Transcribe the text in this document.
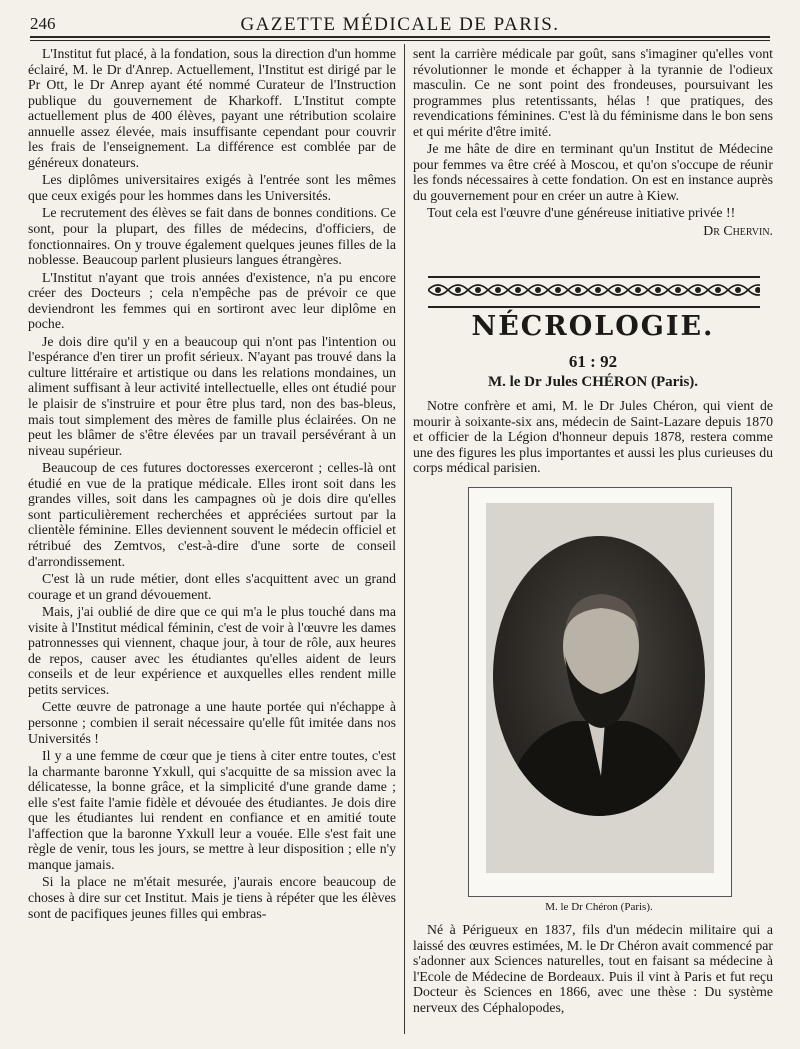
246	GAZETTE MÉDICALE DE PARIS.

L'Institut fut placé, à la fondation, sous la direction d'un homme éclairé, M. le Dr d'Anrep. Actuellement, l'Institut est dirigé par le Pr Ott, le Dr Anrep ayant été nommé Curateur de l'Instruction publique du gouvernement de Kharkoff. L'Institut compte actuellement plus de 400 élèves, payant une rétribution scolaire annuelle assez élevée, mais insuffisante cependant pour couvrir les frais de l'enseignement. La différence est comblée par de généreux donateurs.

Les diplômes universitaires exigés à l'entrée sont les mêmes que ceux exigés pour les hommes dans les Universités.

Le recrutement des élèves se fait dans de bonnes conditions. Ce sont, pour la plupart, des filles de médecins, d'officiers, de fonctionnaires. On y trouve également quelques jeunes filles de la noblesse. Beaucoup parlent plusieurs langues étrangères.

L'Institut n'ayant que trois années d'existence, n'a pu encore créer des Docteurs ; cela n'empêche pas de prévoir ce que deviendront les femmes qui en sortiront avec leur diplôme en poche.

Je dois dire qu'il y en a beaucoup qui n'ont pas l'intention ou l'espérance d'en tirer un profit sérieux. N'ayant pas trouvé dans la culture littéraire et artistique ou dans les relations mondaines, un aliment suffisant à leur activité intellectuelle, elles ont étudié pour le plaisir de s'instruire et pour être plus tard, non des bas-bleus, mais tout simplement des mères de famille plus éclairées. On ne peut les blâmer de s'être élevées par un travail persévérant à un niveau supérieur.

Beaucoup de ces futures doctoresses exerceront ; celles-là ont étudié en vue de la pratique médicale. Elles iront soit dans les grandes villes, soit dans les campagnes où je dois dire qu'elles sont particulièrement recherchées et appréciées surtout par la clientèle féminine. Elles deviennent souvent le médecin officiel et rétribué des Zemtvos, c'est-à-dire d'une sorte de conseil d'arrondissement.

C'est là un rude métier, dont elles s'acquittent avec un grand courage et un grand dévouement.

Mais, j'ai oublié de dire que ce qui m'a le plus touché dans ma visite à l'Institut médical féminin, c'est de voir à l'œuvre les dames patronnesses qui viennent, chaque jour, à tour de rôle, aux heures de repos, causer avec les étudiantes qu'elles aident de leurs conseils et de leur expérience et auxquelles elles rendent mille petits services.

Cette œuvre de patronage a une haute portée qui n'échappe à personne ; combien il serait nécessaire qu'elle fût imitée dans nos Universités !

Il y a une femme de cœur que je tiens à citer entre toutes, c'est la charmante baronne Yxkull, qui s'acquitte de sa mission avec la délicatesse, la bonne grâce, et la simplicité d'une grande dame ; elle s'est faite l'amie fidèle et dévouée des étudiantes. Je dois dire que les étudiantes lui rendent en confiance et en amitié toute l'affection que la baronne Yxkull leur a vouée. Elle s'est fait une règle de venir, tous les jours, se mettre à leur disposition ; elle n'y manque jamais.

Si la place ne m'était mesurée, j'aurais encore beaucoup de choses à dire sur cet Institut. Mais je tiens à répéter que les élèves sont de pacifiques jeunes filles qui embras-

sent la carrière médicale par goût, sans s'imaginer qu'elles vont révolutionner le monde et échapper à la tyrannie de l'odieux masculin. Ce ne sont point des frondeuses, poursuivant les programmes plus retentissants, hélas ! que pratiques, des revendications féminines. C'est là du féminisme dans le bon sens et qui mérite d'être imité.

Je me hâte de dire en terminant qu'un Institut de Médecine pour femmes va être créé à Moscou, et qu'on s'occupe de réunir les fonds nécessaires à cette fondation. On est en instance auprès du gouvernement pour en créer un autre à Kiew.

Tout cela est l'œuvre d'une généreuse initiative privée !!

Dr Chervin.

NÉCROLOGIE.
61 : 92
M. le Dr Jules CHÉRON (Paris).

Notre confrère et ami, M. le Dr Jules Chéron, qui vient de mourir à soixante-six ans, médecin de Saint-Lazare depuis 1870 et officier de la Légion d'honneur depuis 1878, restera comme une des figures les plus importantes et aussi les plus curieuses du corps médical parisien.

M. le Dr Chéron (Paris).

Né à Périgueux en 1837, fils d'un médecin militaire qui a laissé des œuvres estimées, M. le Dr Chéron avait commencé par s'adonner aux Sciences naturelles, tout en faisant sa médecine à l'Ecole de Médecine de Bordeaux. Puis il vint à Paris et fut reçu Docteur ès Sciences en 1866, avec une thèse : Du système nerveux des Céphalopodes,
